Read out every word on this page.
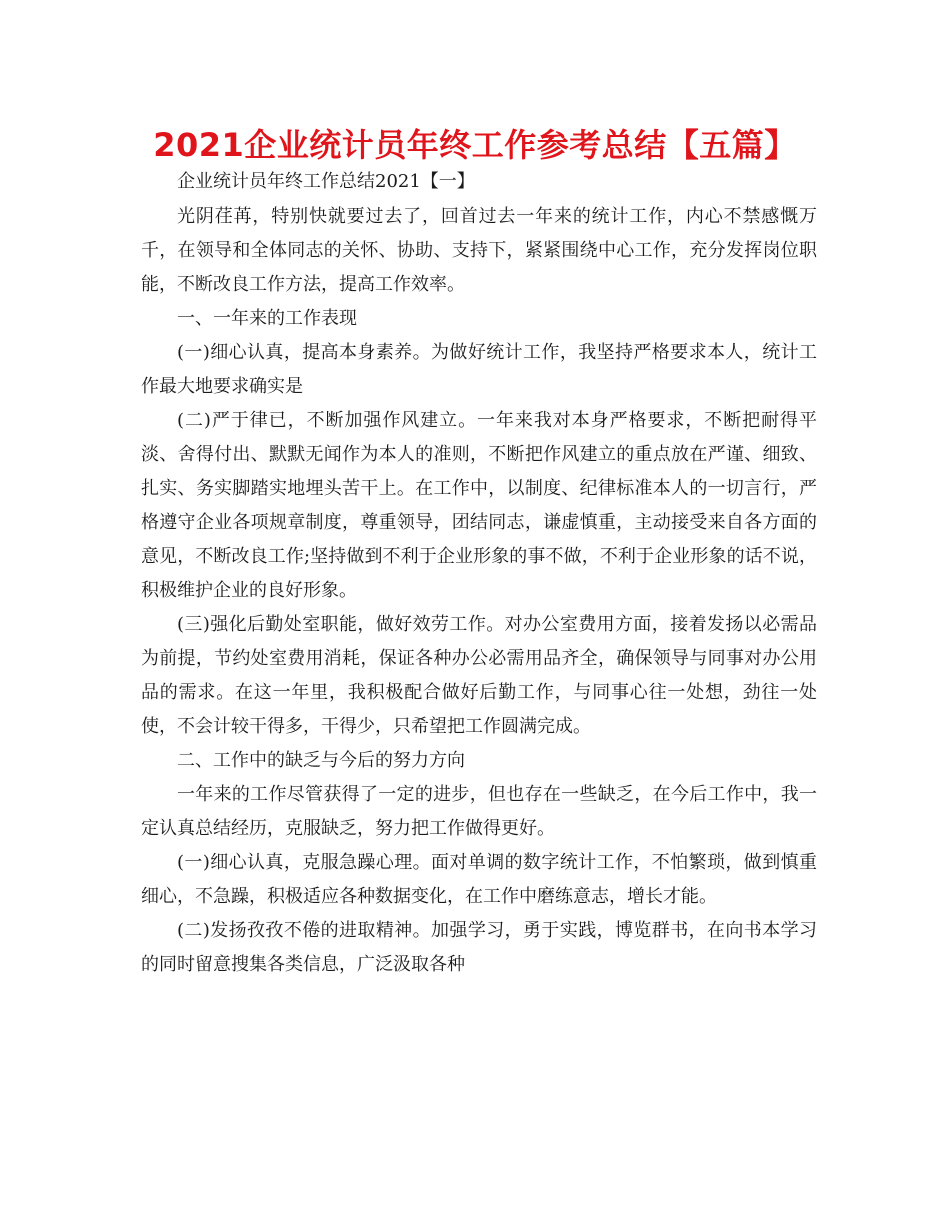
2021企业统计员年终工作参考总结【五篇】

企业统计员年终工作总结2021【一】

光阴荏苒，特别快就要过去了，回首过去一年来的统计工作，内心不禁感慨万千，在领导和全体同志的关怀、协助、支持下，紧紧围绕中心工作，充分发挥岗位职能，不断改良工作方法，提高工作效率。

一、一年来的工作表现

(一)细心认真，提高本身素养。为做好统计工作，我坚持严格要求本人，统计工作最大地要求确实是

(二)严于律已，不断加强作风建立。一年来我对本身严格要求，不断把耐得平淡、舍得付出、默默无闻作为本人的准则，不断把作风建立的重点放在严谨、细致、扎实、务实脚踏实地埋头苦干上。在工作中，以制度、纪律标准本人的一切言行，严格遵守企业各项规章制度，尊重领导，团结同志，谦虚慎重，主动接受来自各方面的意见，不断改良工作;坚持做到不利于企业形象的事不做，不利于企业形象的话不说，积极维护企业的良好形象。

(三)强化后勤处室职能，做好效劳工作。对办公室费用方面，接着发扬以必需品为前提，节约处室费用消耗，保证各种办公必需用品齐全，确保领导与同事对办公用品的需求。在这一年里，我积极配合做好后勤工作，与同事心往一处想，劲往一处使，不会计较干得多，干得少，只希望把工作圆满完成。

二、工作中的缺乏与今后的努力方向

一年来的工作尽管获得了一定的进步，但也存在一些缺乏，在今后工作中，我一定认真总结经历，克服缺乏，努力把工作做得更好。

(一)细心认真，克服急躁心理。面对单调的数字统计工作，不怕繁琐，做到慎重细心，不急躁，积极适应各种数据变化，在工作中磨练意志，增长才能。

(二)发扬孜孜不倦的进取精神。加强学习，勇于实践，博览群书，在向书本学习的同时留意搜集各类信息，广泛汲取各种
